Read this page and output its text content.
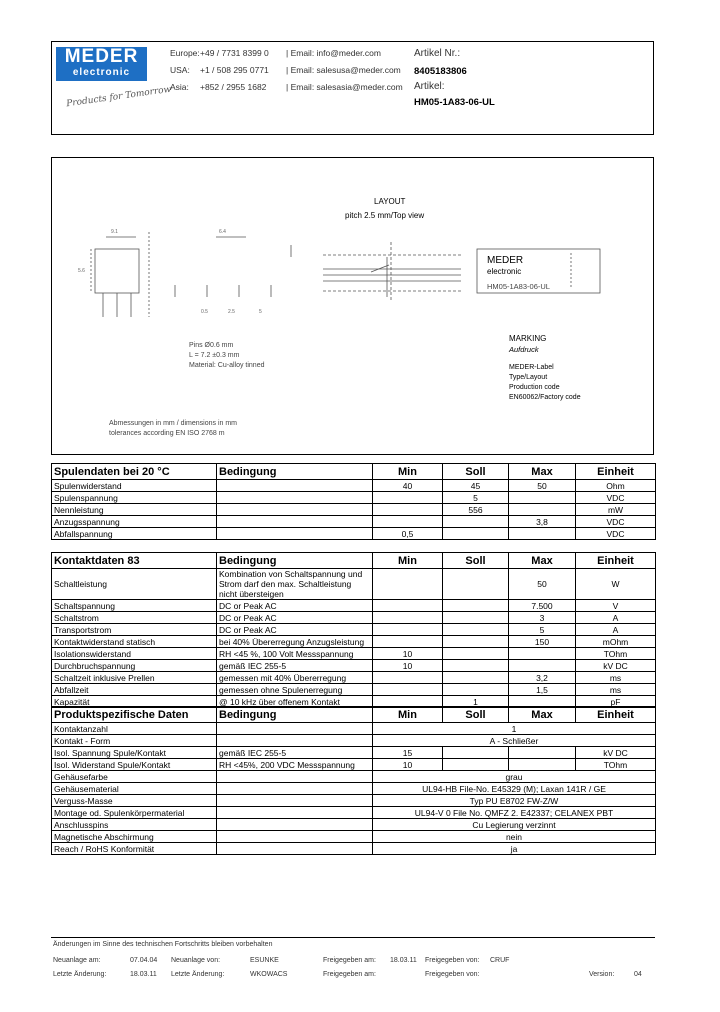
MEDER
electronic
Products for Tomorrow
Europe: +49 / 7731 8399 0 | Email: info@meder.com
USA: +1 / 508 295 0771 | Email: salesusa@meder.com
Asia: +852 / 2955 1682 | Email: salesasia@meder.com
Artikel Nr.:
8405183806
Artikel:
HM05-1A83-06-UL
LAYOUT
pitch 2.5 mm/Top view
5.6
9.1	6.4
0.5	2.5	5
MEDER
electronic
HM05-1A83-06-UL
MARKING
Aufdruck
MEDER-Label
Type/Layout
Production code
EN60062/Factory code
Pins Ø0.6 mm
L = 7.2 ±0.3 mm
Material: Cu-alloy tinned
Abmessungen in mm / dimensions in mm
tolerances according EN ISO 2768 m
Spulendaten bei 20 °C	Bedingung	Min	Soll	Max	Einheit
Spulenwiderstand		40	45	50	Ohm
Spulenspannung			5		VDC
Nennleistung			556		mW
Anzugsspannung				3,8	VDC
Abfallspannung		0,5			VDC
Kontaktdaten 83	Bedingung	Min	Soll	Max	Einheit
Schaltleistung	Kombination von Schaltspannung und Strom darf den max. Schaltleistung nicht übersteigen			50	W
Schaltspannung	DC or Peak AC			7.500	V
Schaltstrom	DC or Peak AC			3	A
Transportstrom	DC or Peak AC			5	A
Kontaktwiderstand statisch	bei 40% Übererregung Anzugsleistung			150	mOhm
Isolationswiderstand	RH <45 %, 100 Volt Messspannung	10			TOhm
Durchbruchspannung	gemäß IEC 255-5	10			kV DC
Schaltzeit inklusive Prellen	gemessen mit 40% Übererregung			3,2	ms
Abfallzeit	gemessen ohne Spulenerregung			1,5	ms
Kapazität	@ 10 kHz über offenem Kontakt		1		pF
Produktspezifische Daten	Bedingung	Min	Soll	Max	Einheit
Kontaktanzahl		1			
Kontakt - Form		A - Schließer			
Isol. Spannung Spule/Kontakt	gemäß IEC 255-5	15			kV DC
Isol. Widerstand Spule/Kontakt	RH <45%, 200 VDC Messspannung	10			TOhm
Gehäusefarbe		grau			
Gehäusematerial		UL94-HB File-No. E45329 (M); Laxan 141R / GE			
Verguss-Masse		Typ PU E8702 FW-Z/W			
Montage od. Spulenkörpermaterial		UL94-V 0 File No. QMFZ 2. E42337; CELANEX PBT			
Anschlusspins		Cu Legierung verzinnt			
Magnetische Abschirmung		nein			
Reach / RoHS Konformität		ja			
Änderungen im Sinne des technischen Fortschritts bleiben vorbehalten
Neuanlage am:	07.04.04 Neuanlage von:	ESUNKE	Freigegeben am: 18.03.11 Freigegeben von: CRUF
Letzte Änderung:	18.03.11 Letzte Änderung:	WKOWACS	Freigegeben am:	Freigegeben von:	Version:	04
